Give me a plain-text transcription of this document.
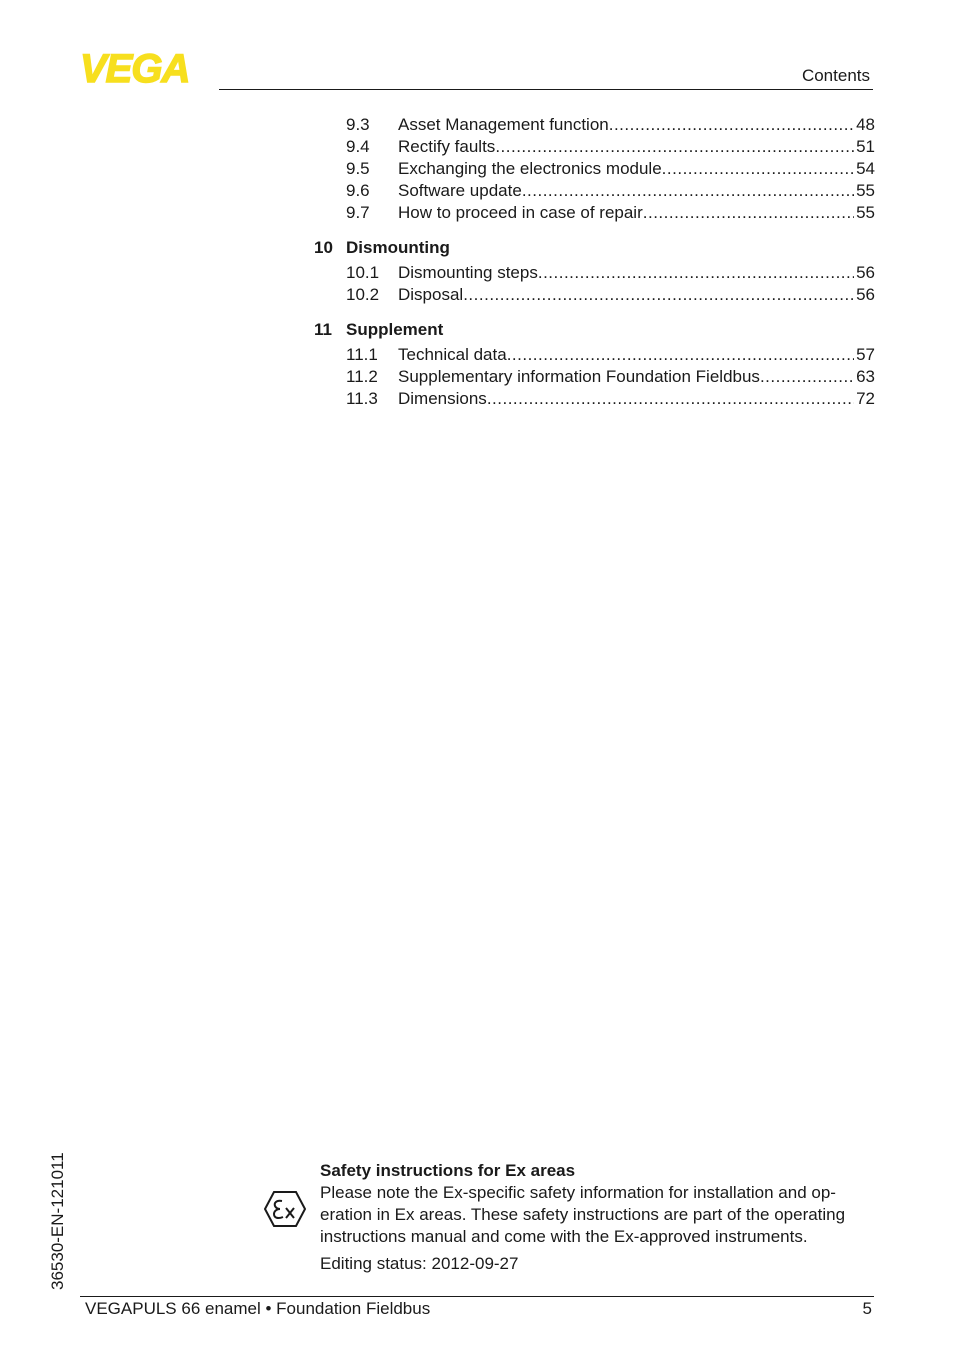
VEGA	Contents
9.3	Asset Management function .....	48
9.4	Rectify faults .....	51
9.5	Exchanging the electronics module .....	54
9.6	Software update .....	55
9.7	How to proceed in case of repair .....	55
10 Dismounting
10.1	Dismounting steps .....	56
10.2	Disposal .....	56
11 Supplement
11.1	Technical data .....	57
11.2	Supplementary information Foundation Fieldbus .....	63
11.3	Dimensions .....	72
36530-EN-121011	Safety instructions for Ex areas
Please note the Ex-specific safety information for installation and op-
eration in Ex areas. These safety instructions are part of the operating
instructions manual and come with the Ex-approved instruments.
Editing status: 2012-09-27
VEGAPULS 66 enamel • Foundation Fieldbus	5
